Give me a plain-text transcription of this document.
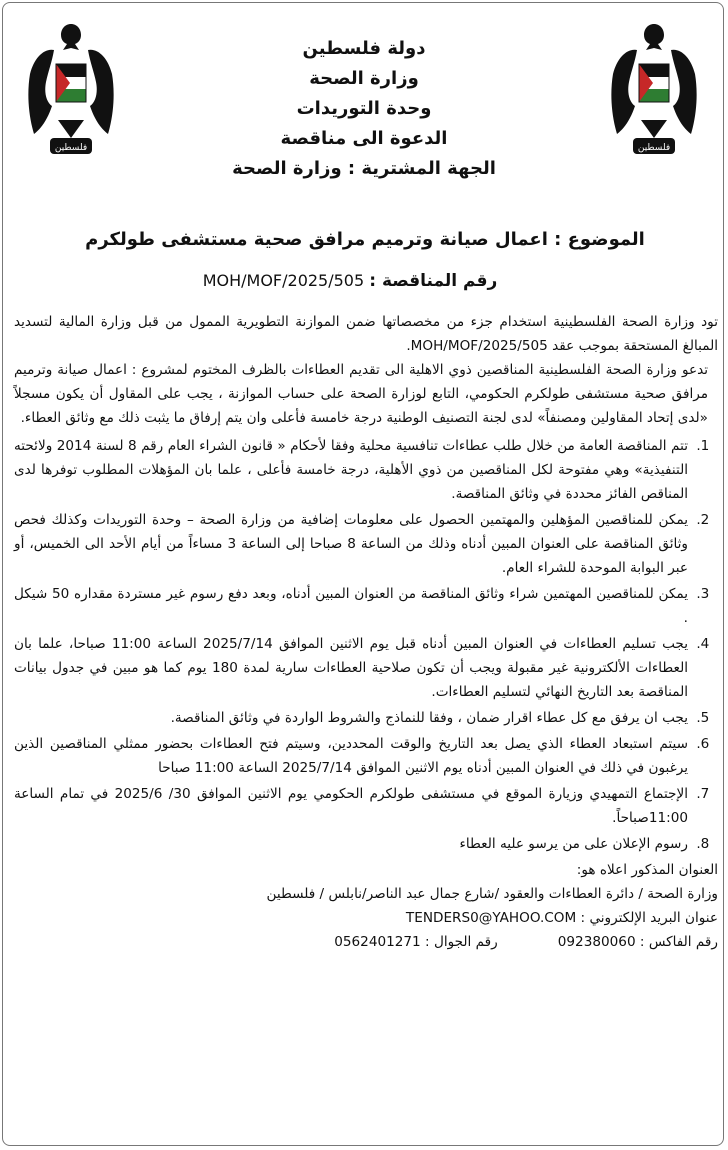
فلسطين	فلسطين
دولة فلسطين
وزارة الصحة
وحدة التوريدات
الدعوة الى مناقصة
الجهة المشترية : وزارة الصحة
الموضوع : اعمال صيانة وترميم مرافق صحية مستشفى طولكرم
رقم المناقصة : MOH/MOF/2025/505

تود وزارة الصحة الفلسطينية استخدام جزء من مخصصاتها ضمن الموازنة التطويرية الممول من قبل وزارة المالية لتسديد المبالغ المستحقة بموجب عقد MOH/MOF/2025/505.

تدعو وزارة الصحة الفلسطينية المناقصين ذوي الاهلية الى تقديم العطاءات بالظرف المختوم لمشروع : اعمال صيانة وترميم مرافق صحية مستشفى طولكرم الحكومي، التابع لوزارة الصحة على حساب الموازنة ، يجب على المقاول أن يكون مسجلاً «لدى إتحاد المقاولين ومصنفاً» لدى لجنة التصنيف الوطنية درجة خامسة فأعلى وان يتم إرفاق ما يثبت ذلك مع وثائق العطاء.

1. تتم المناقصة العامة من خلال طلب عطاءات تنافسية محلية وفقا لأحكام « قانون الشراء العام رقم 8 لسنة 2014 ولائحته التنفيذية» وهي مفتوحة لكل المناقصين من ذوي الأهلية، درجة خامسة فأعلى ، علما بان المؤهلات المطلوب توفرها لدى المناقص الفائز محددة في وثائق المناقصة.
2. يمكن للمناقصين المؤهلين والمهتمين الحصول على معلومات إضافية من وزارة الصحة – وحدة التوريدات وكذلك فحص وثائق المناقصة على العنوان المبين أدناه وذلك من الساعة 8 صباحا إلى الساعة 3 مساءاً من أيام الأحد الى الخميس، أو عبر البوابة الموحدة للشراء العام.
3. يمكن للمناقصين المهتمين شراء وثائق المناقصة من العنوان المبين أدناه، وبعد دفع رسوم غير مستردة مقداره 50 شيكل .
4. يجب تسليم العطاءات في العنوان المبين أدناه قبل يوم الاثنين الموافق 2025/7/14 الساعة 11:00 صباحا، علما بان العطاءات الألكترونية غير مقبولة ويجب أن تكون صلاحية العطاءات سارية لمدة 180 يوم كما هو مبين في جدول بيانات المناقصة بعد التاريخ النهائي لتسليم العطاءات.
5. يجب ان يرفق مع كل عطاء اقرار ضمان ، وفقا للنماذج والشروط الواردة في وثائق المناقصة.
6. سيتم استبعاد العطاء الذي يصل بعد التاريخ والوقت المحددين، وسيتم فتح العطاءات بحضور ممثلي المناقصين الذين يرغبون في ذلك في العنوان المبين أدناه يوم الاثنين الموافق 2025/7/14 الساعة 11:00 صباحا
7. الإجتماع التمهيدي وزيارة الموقع في مستشفى طولكرم الحكومي يوم الاثنين الموافق 30/ 2025/6 في تمام الساعة 11:00صباحاً.
8. رسوم الإعلان على من يرسو عليه العطاء

العنوان المذكور اعلاه هو:

وزارة الصحة / دائرة العطاءات والعقود /شارع جمال عبد الناصر/نابلس / فلسطين

عنوان البريد الإلكتروني :

TENDERS0@YAHOO.COM
رقم الفاكس :

092380060
رقم الجوال :

0562401271
